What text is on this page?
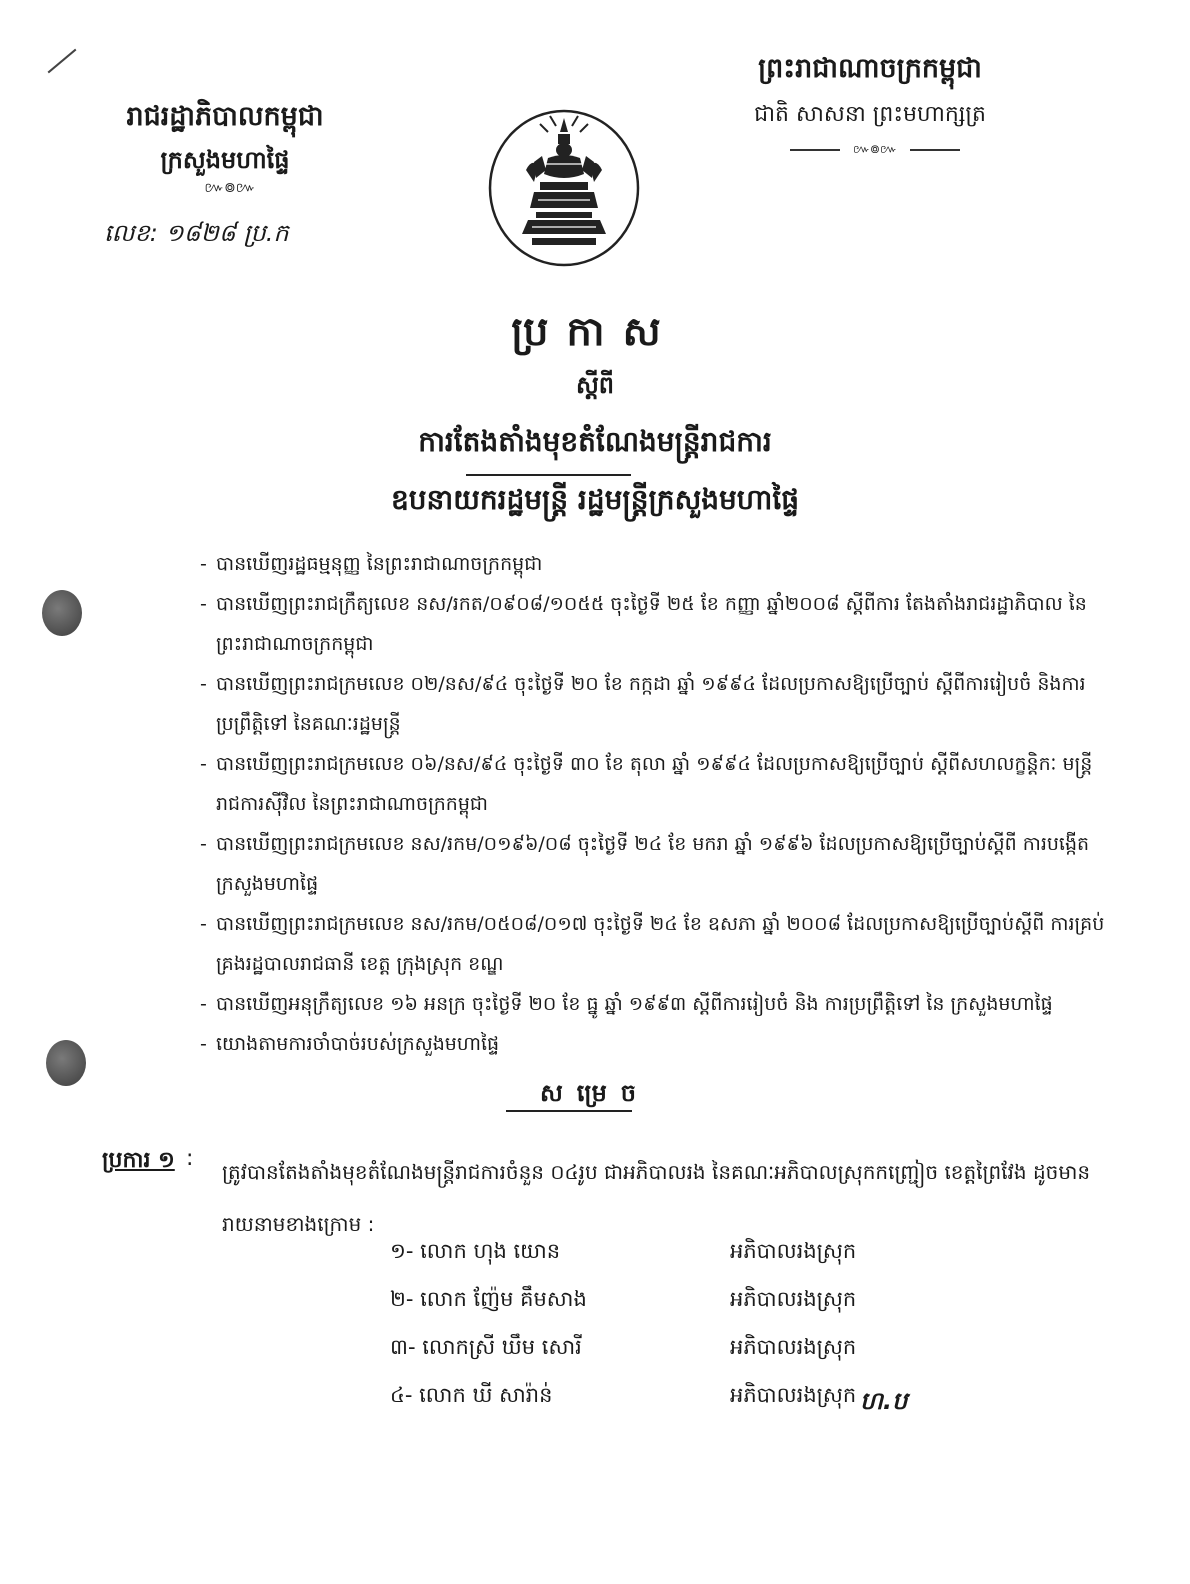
រាជរដ្ឋាភិបាលកម្ពុជា
ក្រសួងមហាផ្ទៃ
៚៙៚
លេខ: ១៨២៨ ប្រ.ក
ព្រះរាជាណាចក្រកម្ពុជា
ជាតិ សាសនា ព្រះមហាក្សត្រ
៚៙៚
ប្រកាស
ស្តីពី
ការតែងតាំងមុខតំណែងមន្ត្រីរាជការ
ឧបនាយករដ្ឋមន្ត្រី រដ្ឋមន្ត្រីក្រសួងមហាផ្ទៃ
- បានឃើញរដ្ឋធម្មនុញ្ញ នៃព្រះរាជាណាចក្រកម្ពុជា
- បានឃើញព្រះរាជក្រឹត្យលេខ នស/រកត/០៩០៨/១០៥៥ ចុះថ្ងៃទី ២៥ ខែ កញ្ញា ឆ្នាំ២០០៨ ស្តីពីការ តែងតាំងរាជរដ្ឋាភិបាល នៃព្រះរាជាណាចក្រកម្ពុជា
- បានឃើញព្រះរាជក្រមលេខ ០២/នស/៩៤ ចុះថ្ងៃទី ២០ ខែ កក្កដា ឆ្នាំ ១៩៩៤ ដែលប្រកាសឱ្យប្រើច្បាប់ ស្តីពីការរៀបចំ និងការប្រព្រឹត្តិទៅ នៃគណៈរដ្ឋមន្ត្រី
- បានឃើញព្រះរាជក្រមលេខ ០៦/នស/៩៤ ចុះថ្ងៃទី ៣០ ខែ តុលា ឆ្នាំ ១៩៩៤ ដែលប្រកាសឱ្យប្រើច្បាប់ ស្តីពីសហលក្ខន្តិកៈ មន្ត្រី រាជការស៊ីវិល នៃព្រះរាជាណាចក្រកម្ពុជា
- បានឃើញព្រះរាជក្រមលេខ នស/រកម/០១៩៦/០៨ ចុះថ្ងៃទី ២៤ ខែ មករា ឆ្នាំ ១៩៩៦ ដែលប្រកាសឱ្យប្រើច្បាប់ស្តីពី ការបង្កើតក្រសួងមហាផ្ទៃ
- បានឃើញព្រះរាជក្រមលេខ នស/រកម/០៥០៨/០១៧ ចុះថ្ងៃទី ២៤ ខែ ឧសភា ឆ្នាំ ២០០៨ ដែលប្រកាសឱ្យប្រើច្បាប់ស្តីពី ការគ្រប់គ្រងរដ្ឋបាលរាជធានី ខេត្ត ក្រុងស្រុក ខណ្ឌ
- បានឃើញអនុក្រឹត្យលេខ ១៦ អនក្រ ចុះថ្ងៃទី ២០ ខែ ធ្នូ ឆ្នាំ ១៩៩៣ ស្តីពីការរៀបចំ និង ការប្រព្រឹត្តិទៅ នៃ ក្រសួងមហាផ្ទៃ
- យោងតាមការចាំបាច់របស់ក្រសួងមហាផ្ទៃ
សម្រេច
ប្រការ ១ :
ត្រូវបានតែងតាំងមុខតំណែងមន្ត្រីរាជការចំនួន ០៤រូប ជាអភិបាលរង នៃគណៈអភិបាលស្រុកកញ្ជ្រៀច ខេត្តព្រៃវែង ដូចមានរាយនាមខាងក្រោម :
១- លោក ហុង យោន	អភិបាលរងស្រុក
២- លោក ញ៉ែម គឹមសាង	អភិបាលរងស្រុក
៣- លោកស្រី ឃឹម សោរី	អភិបាលរងស្រុក
៤- លោក ឃី សារ៉ាន់	អភិបាលរងស្រុក ហ.ប
